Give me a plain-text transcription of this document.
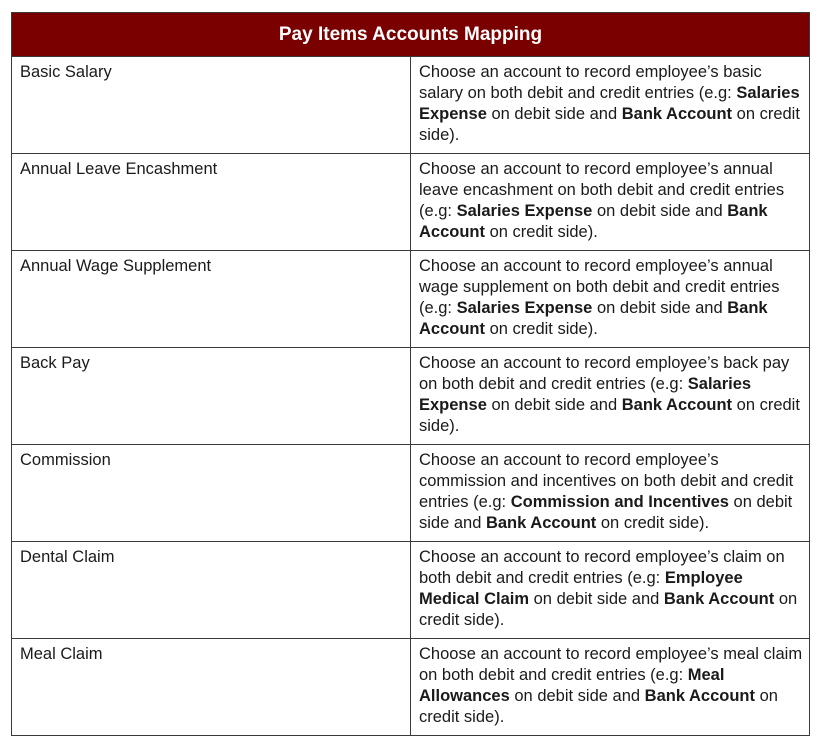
Pay Items Accounts Mapping	
Basic Salary	Choose an account to record employee’s basic salary on both debit and credit entries (e.g: Salaries Expense on debit side and Bank Account on credit side).
Annual Leave Encashment	Choose an account to record employee’s annual leave encashment on both debit and credit entries (e.g: Salaries Expense on debit side and Bank Account on credit side).
Annual Wage Supplement	Choose an account to record employee’s annual wage supplement on both debit and credit entries (e.g: Salaries Expense on debit side and Bank Account on credit side).
Back Pay	Choose an account to record employee’s back pay on both debit and credit entries (e.g: Salaries Expense on debit side and Bank Account on credit side).
Commission	Choose an account to record employee’s commission and incentives on both debit and credit entries (e.g: Commission and Incentives on debit side and Bank Account on credit side).
Dental Claim	Choose an account to record employee’s claim on both debit and credit entries (e.g: Employee Medical Claim on debit side and Bank Account on credit side).
Meal Claim	Choose an account to record employee’s meal claim on both debit and credit entries (e.g: Meal Allowances on debit side and Bank Account on credit side).
